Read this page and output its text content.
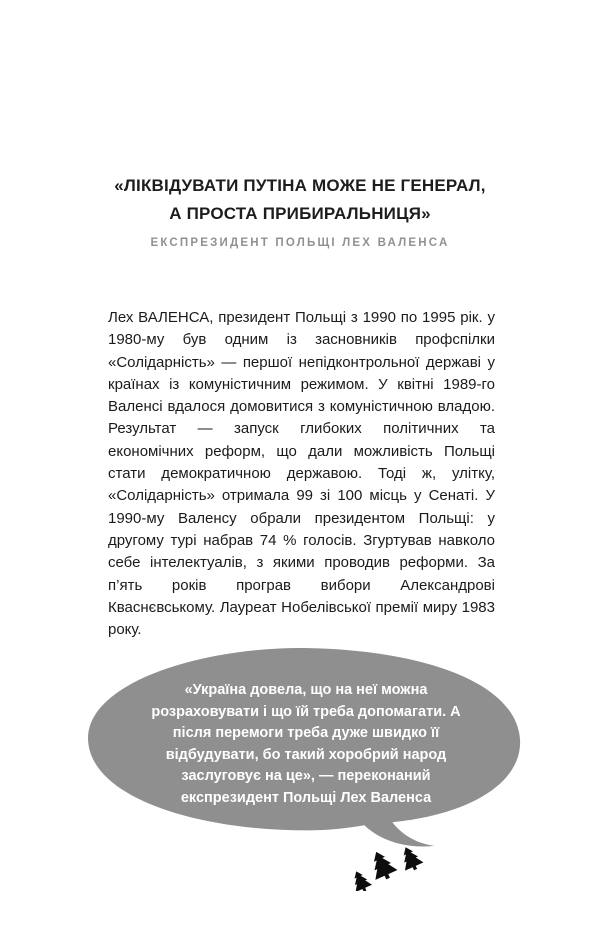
«ЛІКВІДУВАТИ ПУТІНА МОЖЕ НЕ ГЕНЕРАЛ,
А ПРОСТА ПРИБИРАЛЬНИЦЯ»
ЕКСПРЕЗИДЕНТ ПОЛЬЩІ ЛЕХ ВАЛЕНСА

Лех ВАЛЕНСА, президент Польщі з 1990 по 1995 рік. у 1980-му був одним із засновників профспілки «Солідарність» — першої непідконтрольної державі у країнах із комуністичним режимом. У квітні 1989-го Валенсі вдалося домовитися з комуністичною владою. Результат — запуск глибоких політичних та економічних реформ, що дали можливість Польщі стати демократичною державою. Тоді ж, улітку, «Солідарність» отримала 99 зі 100 місць у Сенаті. У 1990-му Валенсу обрали президентом Польщі: у другому турі набрав 74 % голосів. Згуртував навколо себе інтелектуалів, з якими проводив реформи. За п’ять років програв вибори Александрові Кваснєвському. Лауреат Нобелівської премії миру 1983 року.

«Україна довела, що на неї можна розраховувати і що їй треба допомагати. А після перемоги треба дуже швидко її відбудувати, бо такий хоробрий народ заслуговує на це», — переконаний експрезидент Польщі Лех Валенса
